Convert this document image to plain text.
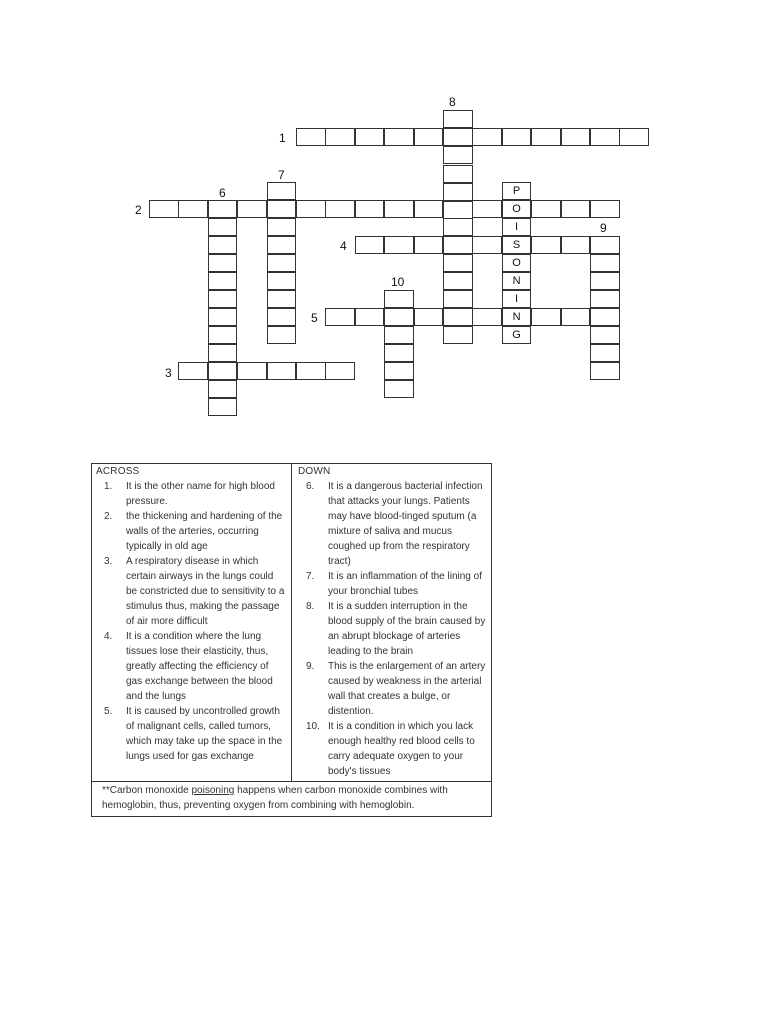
O
S
N
P
I
O
N
I
G
8
1
7
6
2
9
4
10
5
3
ACROSS
1. It is the other name for high blood pressure.
2. the thickening and hardening of the walls of the arteries, occurring typically in old age
3. A respiratory disease in which certain airways in the lungs could be constricted due to sensitivity to a stimulus thus, making the passage of air more difficult
4. It is a condition where the lung tissues lose their elasticity, thus, greatly affecting the efficiency of gas exchange between the blood and the lungs
5. It is caused by uncontrolled growth of malignant cells, called tumors, which may take up the space in the lungs used for gas exchange
DOWN
6. It is a dangerous bacterial infection that attacks your lungs. Patients may have blood-tinged sputum (a mixture of saliva and mucus coughed up from the respiratory tract)
7. It is an inflammation of the lining of your bronchial tubes
8. It is a sudden interruption in the blood supply of the brain caused by an abrupt blockage of arteries leading to the brain
9. This is the enlargement of an artery caused by weakness in the arterial wall that creates a bulge, or distention.
10. It is a condition in which you lack enough healthy red blood cells to carry adequate oxygen to your body's tissues
**Carbon monoxide poisoning happens when carbon monoxide combines with hemoglobin, thus, preventing oxygen from combining with hemoglobin.
